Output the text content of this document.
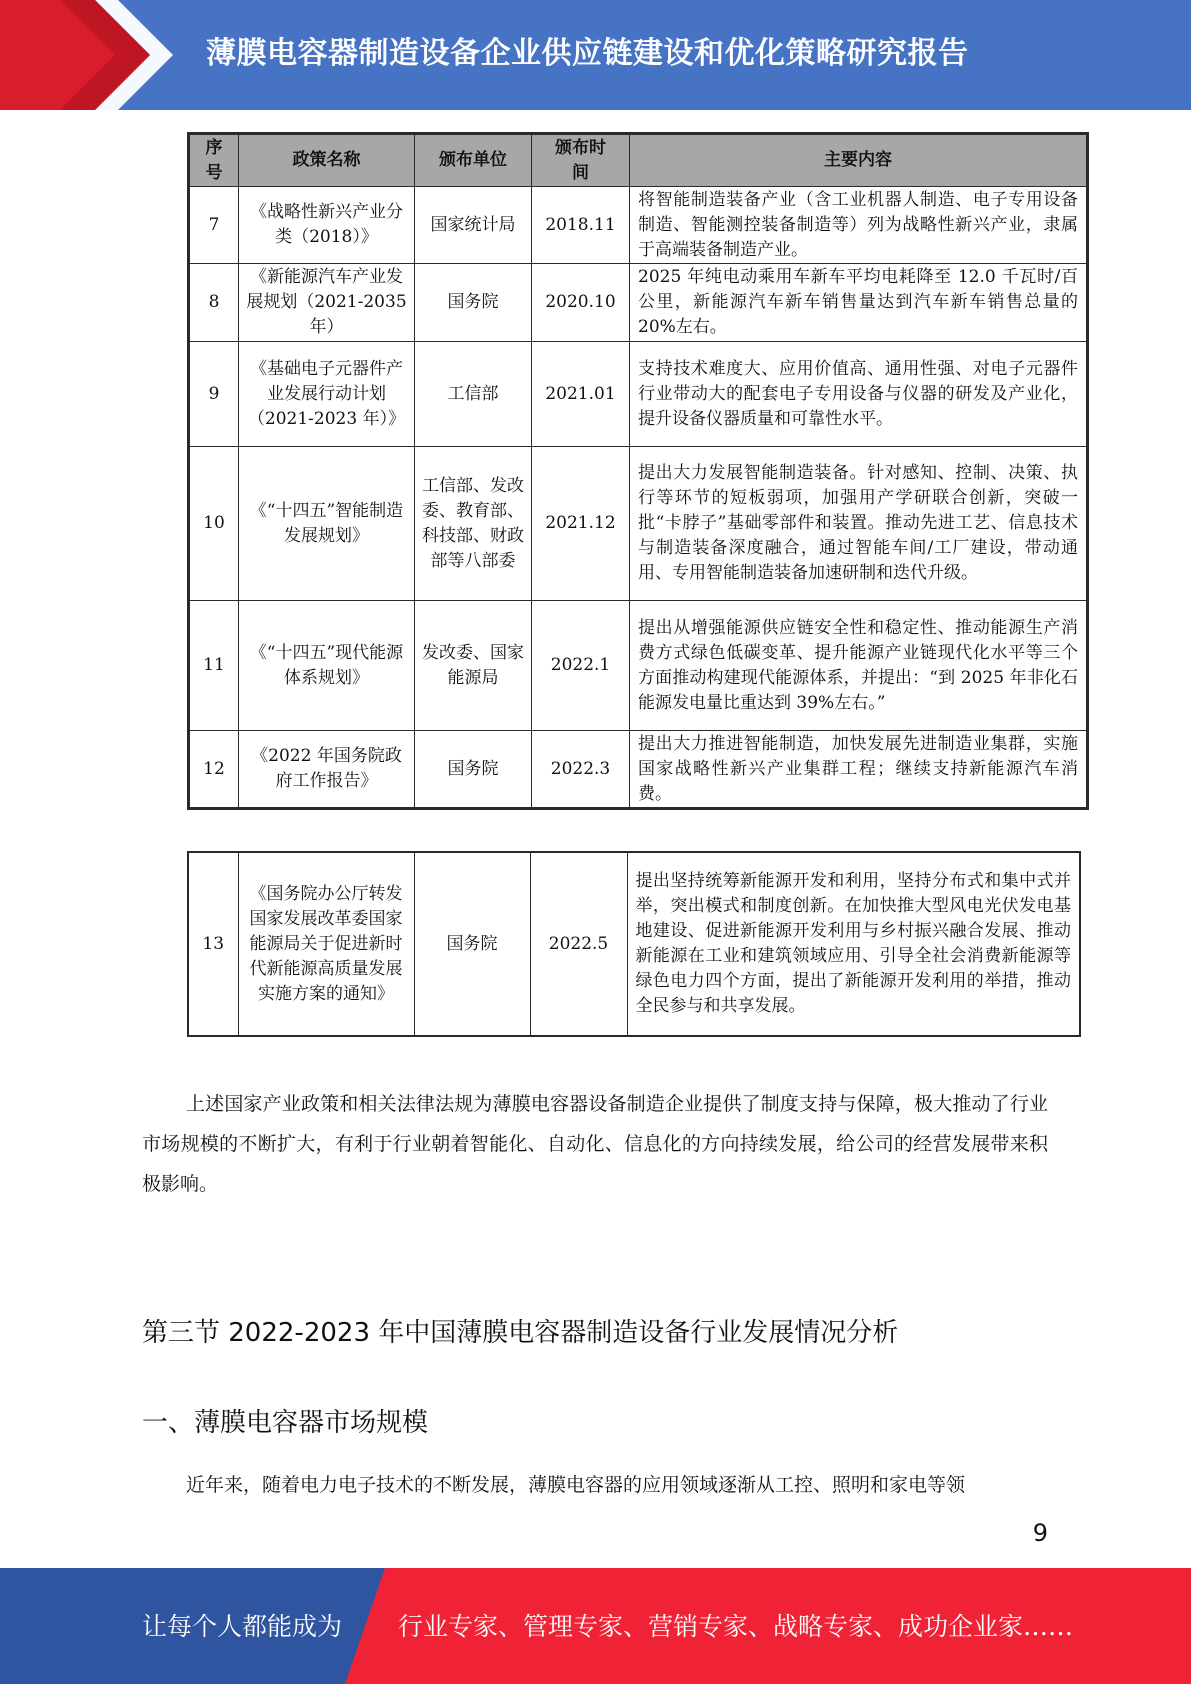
薄膜电容器制造设备企业供应链建设和优化策略研究报告
序号	政策名称	颁布单位	颁布时间	主要内容
7	《战略性新兴产业分类（2018）》	国家统计局	2018.11	将智能制造装备产业（含工业机器人制造、电子专用设备制造、智能测控装备制造等）列为战略性新兴产业，隶属于高端装备制造产业。
8	《新能源汽车产业发展规划（2021-2035 年）	国务院	2020.10	2025 年纯电动乘用车新车平均电耗降至 12.0 千瓦时/百公里，新能源汽车新车销售量达到汽车新车销售总量的 20%左右。
9	《基础电子元器件产业发展行动计划（2021-2023 年）》	工信部	2021.01	支持技术难度大、应用价值高、通用性强、对电子元器件行业带动大的配套电子专用设备与仪器的研发及产业化，提升设备仪器质量和可靠性水平。
10	《“十四五”智能制造发展规划》	工信部、发改委、教育部、科技部、财政部等八部委	2021.12	提出大力发展智能制造装备。针对感知、控制、决策、执行等环节的短板弱项，加强用产学研联合创新，突破一批“卡脖子”基础零部件和装置。推动先进工艺、信息技术与制造装备深度融合，通过智能车间/工厂建设，带动通用、专用智能制造装备加速研制和迭代升级。
11	《“十四五”现代能源体系规划》	发改委、国家能源局	2022.1	提出从增强能源供应链安全性和稳定性、推动能源生产消费方式绿色低碳变革、提升能源产业链现代化水平等三个方面推动构建现代能源体系，并提出：“到 2025 年非化石能源发电量比重达到 39%左右。”
12	《2022 年国务院政府工作报告》	国务院	2022.3	提出大力推进智能制造，加快发展先进制造业集群，实施国家战略性新兴产业集群工程；继续支持新能源汽车消费。
13	《国务院办公厅转发国家发展改革委国家能源局关于促进新时代新能源高质量发展实施方案的通知》	国务院	2022.5	提出坚持统筹新能源开发和利用，坚持分布式和集中式并举，突出模式和制度创新。在加快推大型风电光伏发电基地建设、促进新能源开发利用与乡村振兴融合发展、推动新能源在工业和建筑领域应用、引导全社会消费新能源等绿色电力四个方面，提出了新能源开发利用的举措，推动全民参与和共享发展。

上述国家产业政策和相关法律法规为薄膜电容器设备制造企业提供了制度支持与保障，极大推动了行业市场规模的不断扩大，有利于行业朝着智能化、自动化、信息化的方向持续发展，给公司的经营发展带来积极影响。

第三节 2022-2023 年中国薄膜电容器制造设备行业发展情况分析
一、薄膜电容器市场规模

近年来，随着电力电子技术的不断发展，薄膜电容器的应用领域逐渐从工控、照明和家电等领

9
让每个人都能成为 行业专家、管理专家、营销专家、战略专家、成功企业家……
